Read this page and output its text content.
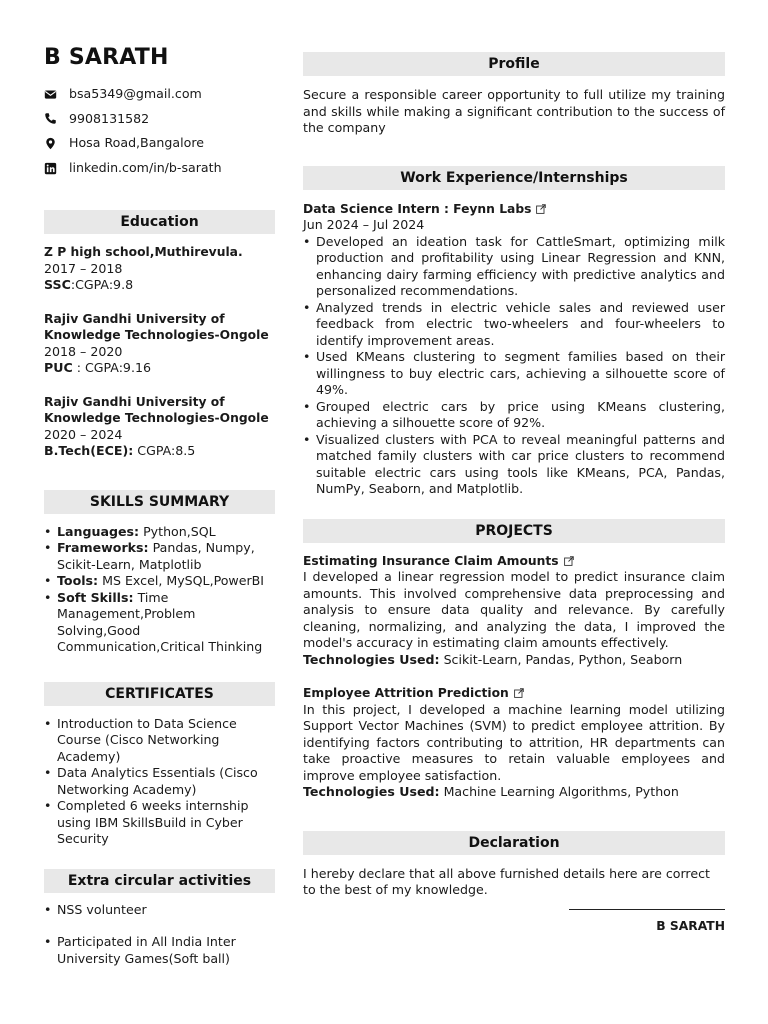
B SARATH
bsa5349@gmail.com
9908131582
Hosa Road,Bangalore
linkedin.com/in/b-sarath
Education
Z P high school,Muthirevula.
2017 – 2018
SSC:CGPA:9.8
Rajiv Gandhi University of Knowledge Technologies-Ongole
2018 – 2020
PUC : CGPA:9.16
Rajiv Gandhi University of Knowledge Technologies-Ongole
2020 – 2024
B.Tech(ECE): CGPA:8.5
SKILLS SUMMARY
• Languages: Python,SQL
• Frameworks: Pandas, Numpy, Scikit-Learn, Matplotlib
• Tools: MS Excel, MySQL,PowerBI
• Soft Skills: Time Management,Problem Solving,Good Communication,Critical Thinking
CERTIFICATES
• Introduction to Data Science Course (Cisco Networking Academy)
• Data Analytics Essentials (Cisco Networking Academy)
• Completed 6 weeks internship using IBM SkillsBuild in Cyber Security
Extra circular activities
• NSS volunteer
• Participated in All India Inter University Games(Soft ball)
Profile
Secure a responsible career opportunity to full utilize my training and skills while making a significant contribution to the success of the company
Work Experience/Internships
Data Science Intern : Feynn Labs
Jun 2024 – Jul 2024
• Developed an ideation task for CattleSmart, optimizing milk production and profitability using Linear Regression and KNN, enhancing dairy farming efficiency with predictive analytics and personalized recommendations.
• Analyzed trends in electric vehicle sales and reviewed user feedback from electric two-wheelers and four-wheelers to identify improvement areas.
• Used KMeans clustering to segment families based on their willingness to buy electric cars, achieving a silhouette score of 49%.
• Grouped electric cars by price using KMeans clustering, achieving a silhouette score of 92%.
• Visualized clusters with PCA to reveal meaningful patterns and matched family clusters with car price clusters to recommend suitable electric cars using tools like KMeans, PCA, Pandas, NumPy, Seaborn, and Matplotlib.
PROJECTS
Estimating Insurance Claim Amounts
I developed a linear regression model to predict insurance claim amounts. This involved comprehensive data preprocessing and analysis to ensure data quality and relevance. By carefully cleaning, normalizing, and analyzing the data, I improved the model's accuracy in estimating claim amounts effectively.
Technologies Used: Scikit-Learn, Pandas, Python, Seaborn
Employee Attrition Prediction
In this project, I developed a machine learning model utilizing Support Vector Machines (SVM) to predict employee attrition. By identifying factors contributing to attrition, HR departments can take proactive measures to retain valuable employees and improve employee satisfaction.
Technologies Used: Machine Learning Algorithms, Python
Declaration
I hereby declare that all above furnished details here are correct to the best of my knowledge.
B SARATH
